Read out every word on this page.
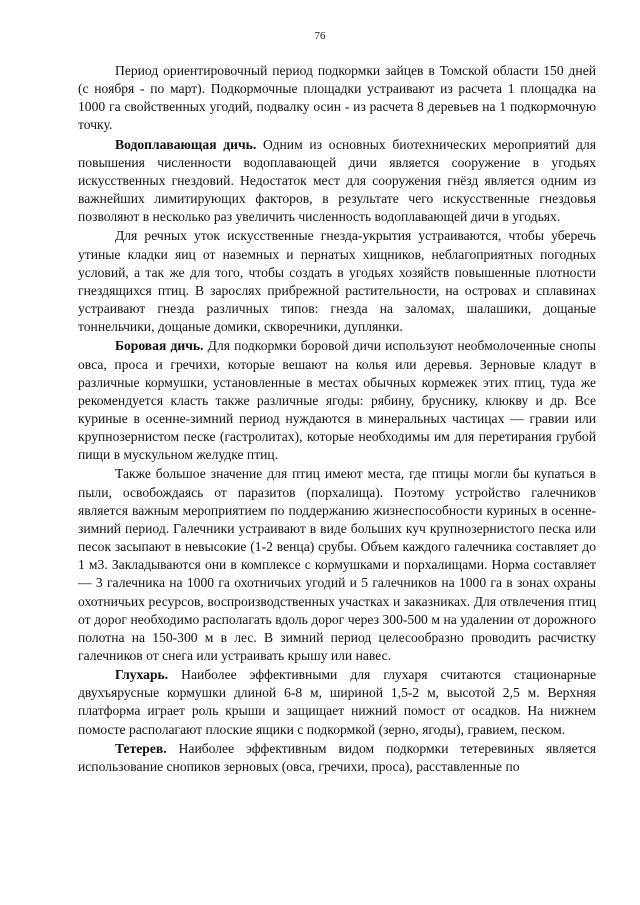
76

Период ориентировочный период подкормки зайцев в Томской области 150 дней (с ноября - по март). Подкормочные площадки устраивают из расчета 1 площадка на 1000 га свойственных угодий, подвалку осин - из расчета 8 деревьев на 1 подкормочную точку.

Водоплавающая дичь. Одним из основных биотехнических мероприятий для повышения численности водоплавающей дичи является сооружение в угодьях искусственных гнездовий. Недостаток мест для сооружения гнёзд является одним из важнейших лимитирующих факторов, в результате чего искусственные гнездовья позволяют в несколько раз увеличить численность водоплавающей дичи в угодьях.

Для речных уток искусственные гнезда-укрытия устраиваются, чтобы уберечь утиные кладки яиц от наземных и пернатых хищников, неблагоприятных погодных условий, а так же для того, чтобы создать в угодьях хозяйств повышенные плотности гнездящихся птиц. В зарослях прибрежной растительности, на островах и сплавинах устраивают гнезда различных типов: гнезда на заломах, шалашики, дощаные тоннельчики, дощаные домики, скворечники, дуплянки.

Боровая дичь. Для подкормки боровой дичи используют необмолоченные снопы овса, проса и гречихи, которые вешают на колья или деревья. Зерновые кладут в различные кормушки, установленные в местах обычных кормежек этих птиц, туда же рекомендуется класть также различные ягоды: рябину, бруснику, клюкву и др. Все куриные в осенне-зимний период нуждаются в минеральных частицах — гравии или крупнозернистом песке (гастролитах), которые необходимы им для перетирания грубой пищи в мускульном желудке птиц.

Также большое значение для птиц имеют места, где птицы могли бы купаться в пыли, освобождаясь от паразитов (порхалища). Поэтому устройство галечников является важным мероприятием по поддержанию жизнеспособности куриных в осенне-зимний период. Галечники устраивают в виде больших куч крупнозернистого песка или песок засыпают в невысокие (1-2 венца) срубы. Объем каждого галечника составляет до 1 м3. Закладываются они в комплексе с кормушками и порхалищами. Норма составляет — 3 галечника на 1000 га охотничьих угодий и 5 галечников на 1000 га в зонах охраны охотничьих ресурсов, воспроизводственных участках и заказниках. Для отвлечения птиц от дорог необходимо располагать вдоль дорог через 300-500 м на удалении от дорожного полотна на 150-300 м в лес. В зимний период целесообразно проводить расчистку галечников от снега или устраивать крышу или навес.

Глухарь. Наиболее эффективными для глухаря считаются стационарные двухъярусные кормушки длиной 6-8 м, шириной 1,5-2 м, высотой 2,5 м. Верхняя платформа играет роль крыши и защищает нижний помост от осадков. На нижнем помосте располагают плоские ящики с подкормкой (зерно, ягоды), гравием, песком.

Тетерев. Наиболее эффективным видом подкормки тетеревиных является использование снопиков зерновых (овса, гречихи, проса), расставленные по
